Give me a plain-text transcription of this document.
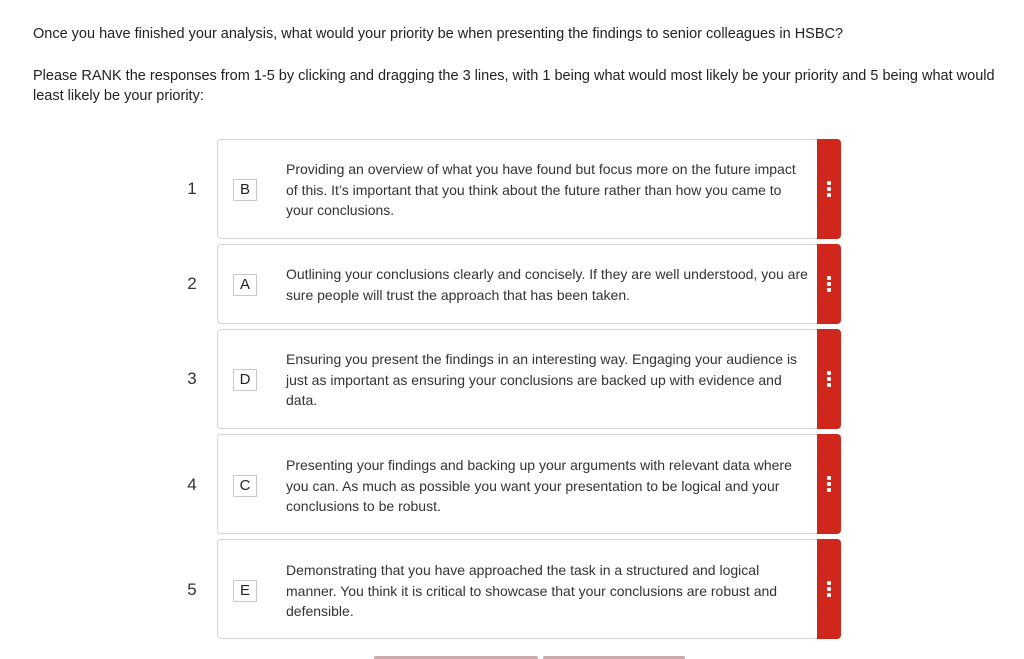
Once you have finished your analysis, what would your priority be when presenting the findings to senior colleagues in HSBC?
Please RANK the responses from 1-5 by clicking and dragging the 3 lines, with 1 being what would most likely be your priority and 5 being what would least likely be your priority:
1	B
Providing an overview of what you have found but focus more on the future impact of this. It’s important that you think about the future rather than how you came to your conclusions.
2	A
Outlining your conclusions clearly and concisely. If they are well understood, you are sure people will trust the approach that has been taken.
3	D
Ensuring you present the findings in an interesting way. Engaging your audience is just as important as ensuring your conclusions are backed up with evidence and data.
4	C
Presenting your findings and backing up your arguments with relevant data where you can. As much as possible you want your presentation to be logical and your conclusions to be robust.
5	E
Demonstrating that you have approached the task in a structured and logical manner. You think it is critical to showcase that your conclusions are robust and defensible.
